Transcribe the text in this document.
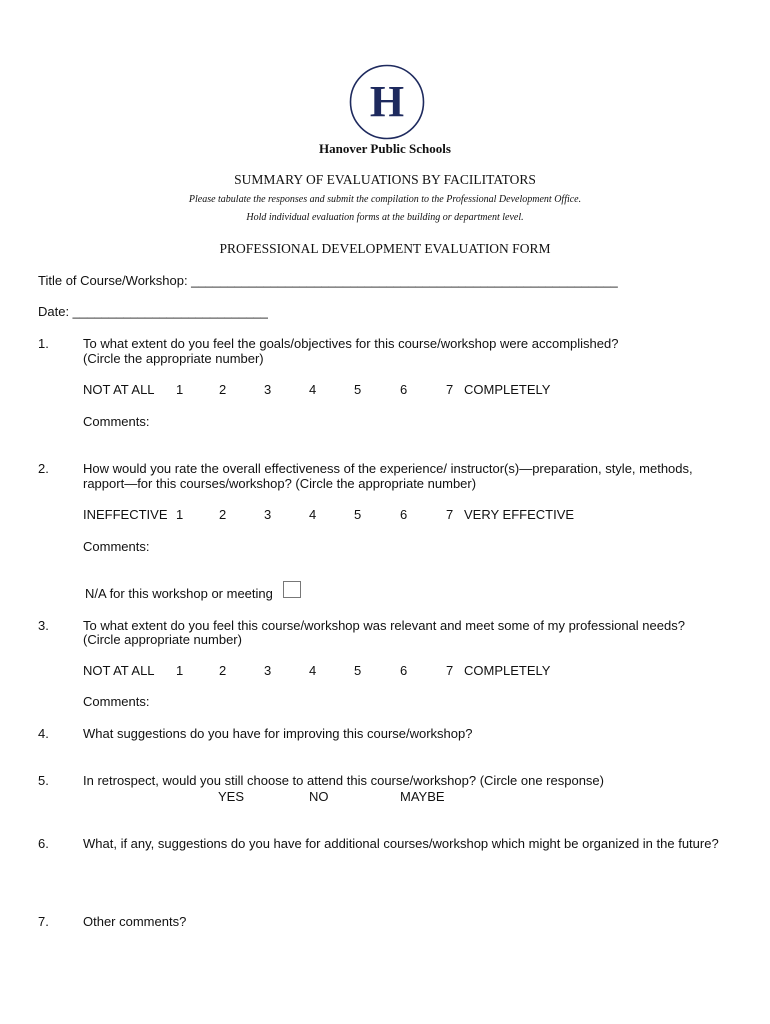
H
Hanover Public Schools
SUMMARY OF EVALUATIONS BY FACILITATORS
Please tabulate the responses and submit the compilation to the Professional Development Office.
Hold individual evaluation forms at the building or department level.
PROFESSIONAL DEVELOPMENT EVALUATION FORM
Title of Course/Workshop: ___________________________________________________________
Date: ___________________________
1.	To what extent do you feel the goals/objectives for this course/workshop were accomplished?
(Circle the appropriate number)
NOT AT ALL 1	2	3	4	5	6	7 COMPLETELY
Comments:
2.	How would you rate the overall effectiveness of the experience/ instructor(s)—preparation, style, methods,
rapport—for this courses/workshop? (Circle the appropriate number)
INEFFECTIVE 1	2	3	4	5	6	7 VERY EFFECTIVE
Comments:
N/A for this workshop or meeting
3.	To what extent do you feel this course/workshop was relevant and meet some of my professional needs?
(Circle appropriate number)
NOT AT ALL 1	2	3	4	5	6	7 COMPLETELY
Comments:
4.	What suggestions do you have for improving this course/workshop?
5.	In retrospect, would you still choose to attend this course/workshop? (Circle one response)
YES	NO	MAYBE
6.	What, if any, suggestions do you have for additional courses/workshop which might be organized in the future?
7.	Other comments?
